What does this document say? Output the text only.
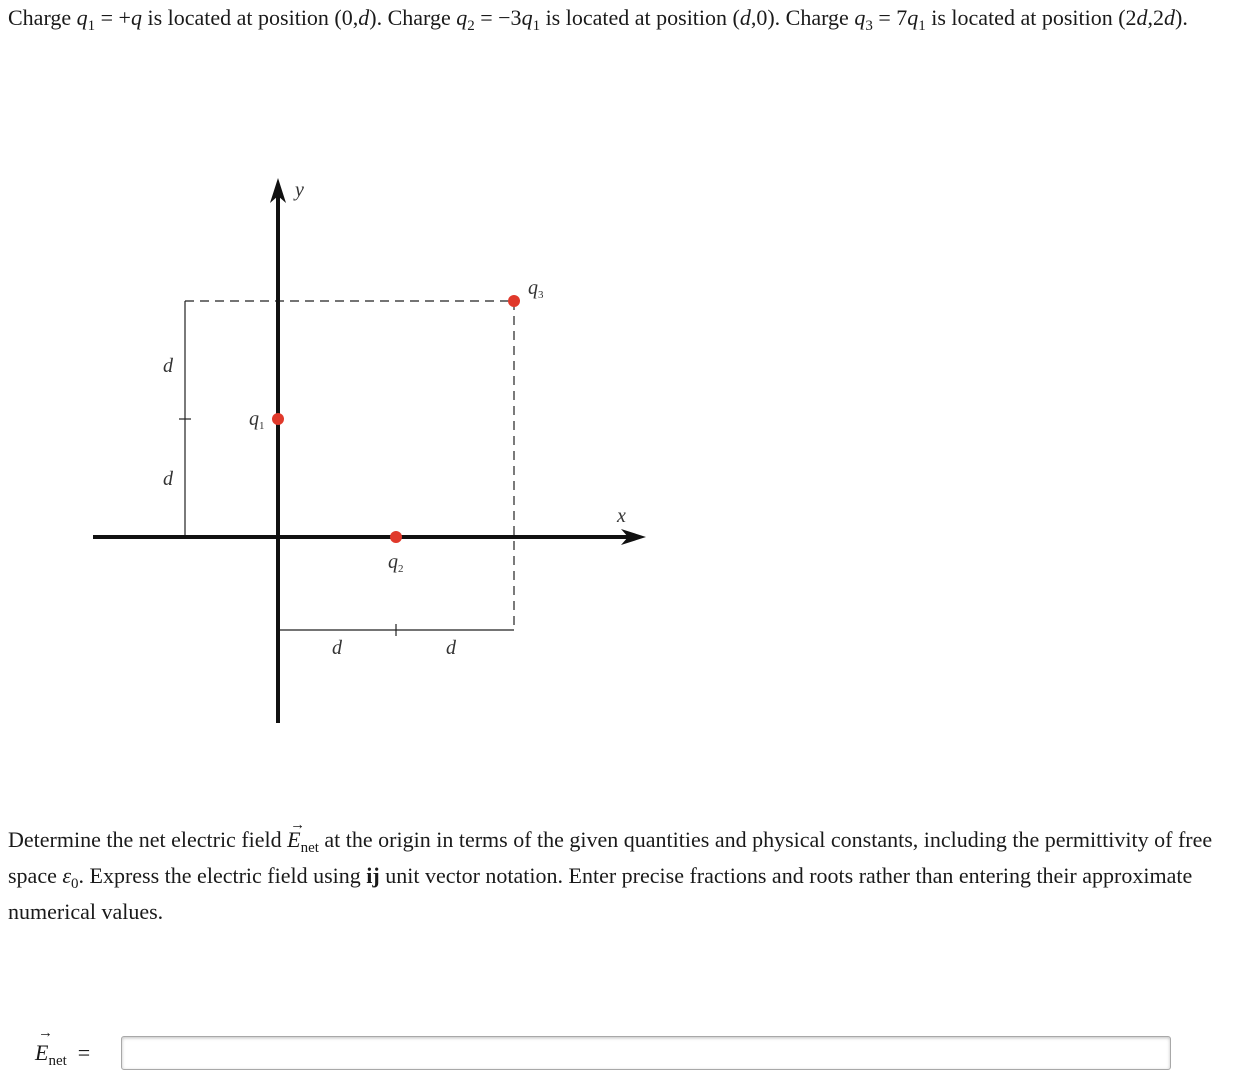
Charge $q_1 = +q$ is located at position (0,d). Charge $q_2 = -3q_1$ is located at position (d,0). Charge $q_3 = 7q_1$ is located at position (2d,2d).

y
x
$q_1$
$q_2$
$q_3$
d
d
d	d

Determine the net electric field → $E_{net}$ at the origin in terms of the given quantities and physical constants, including the permittivity of free space $\varepsilon_0$. Express the electric field using ij unit vector notation. Enter precise fractions and roots rather than entering their approximate numerical values.

→ $E_{net}$ =
